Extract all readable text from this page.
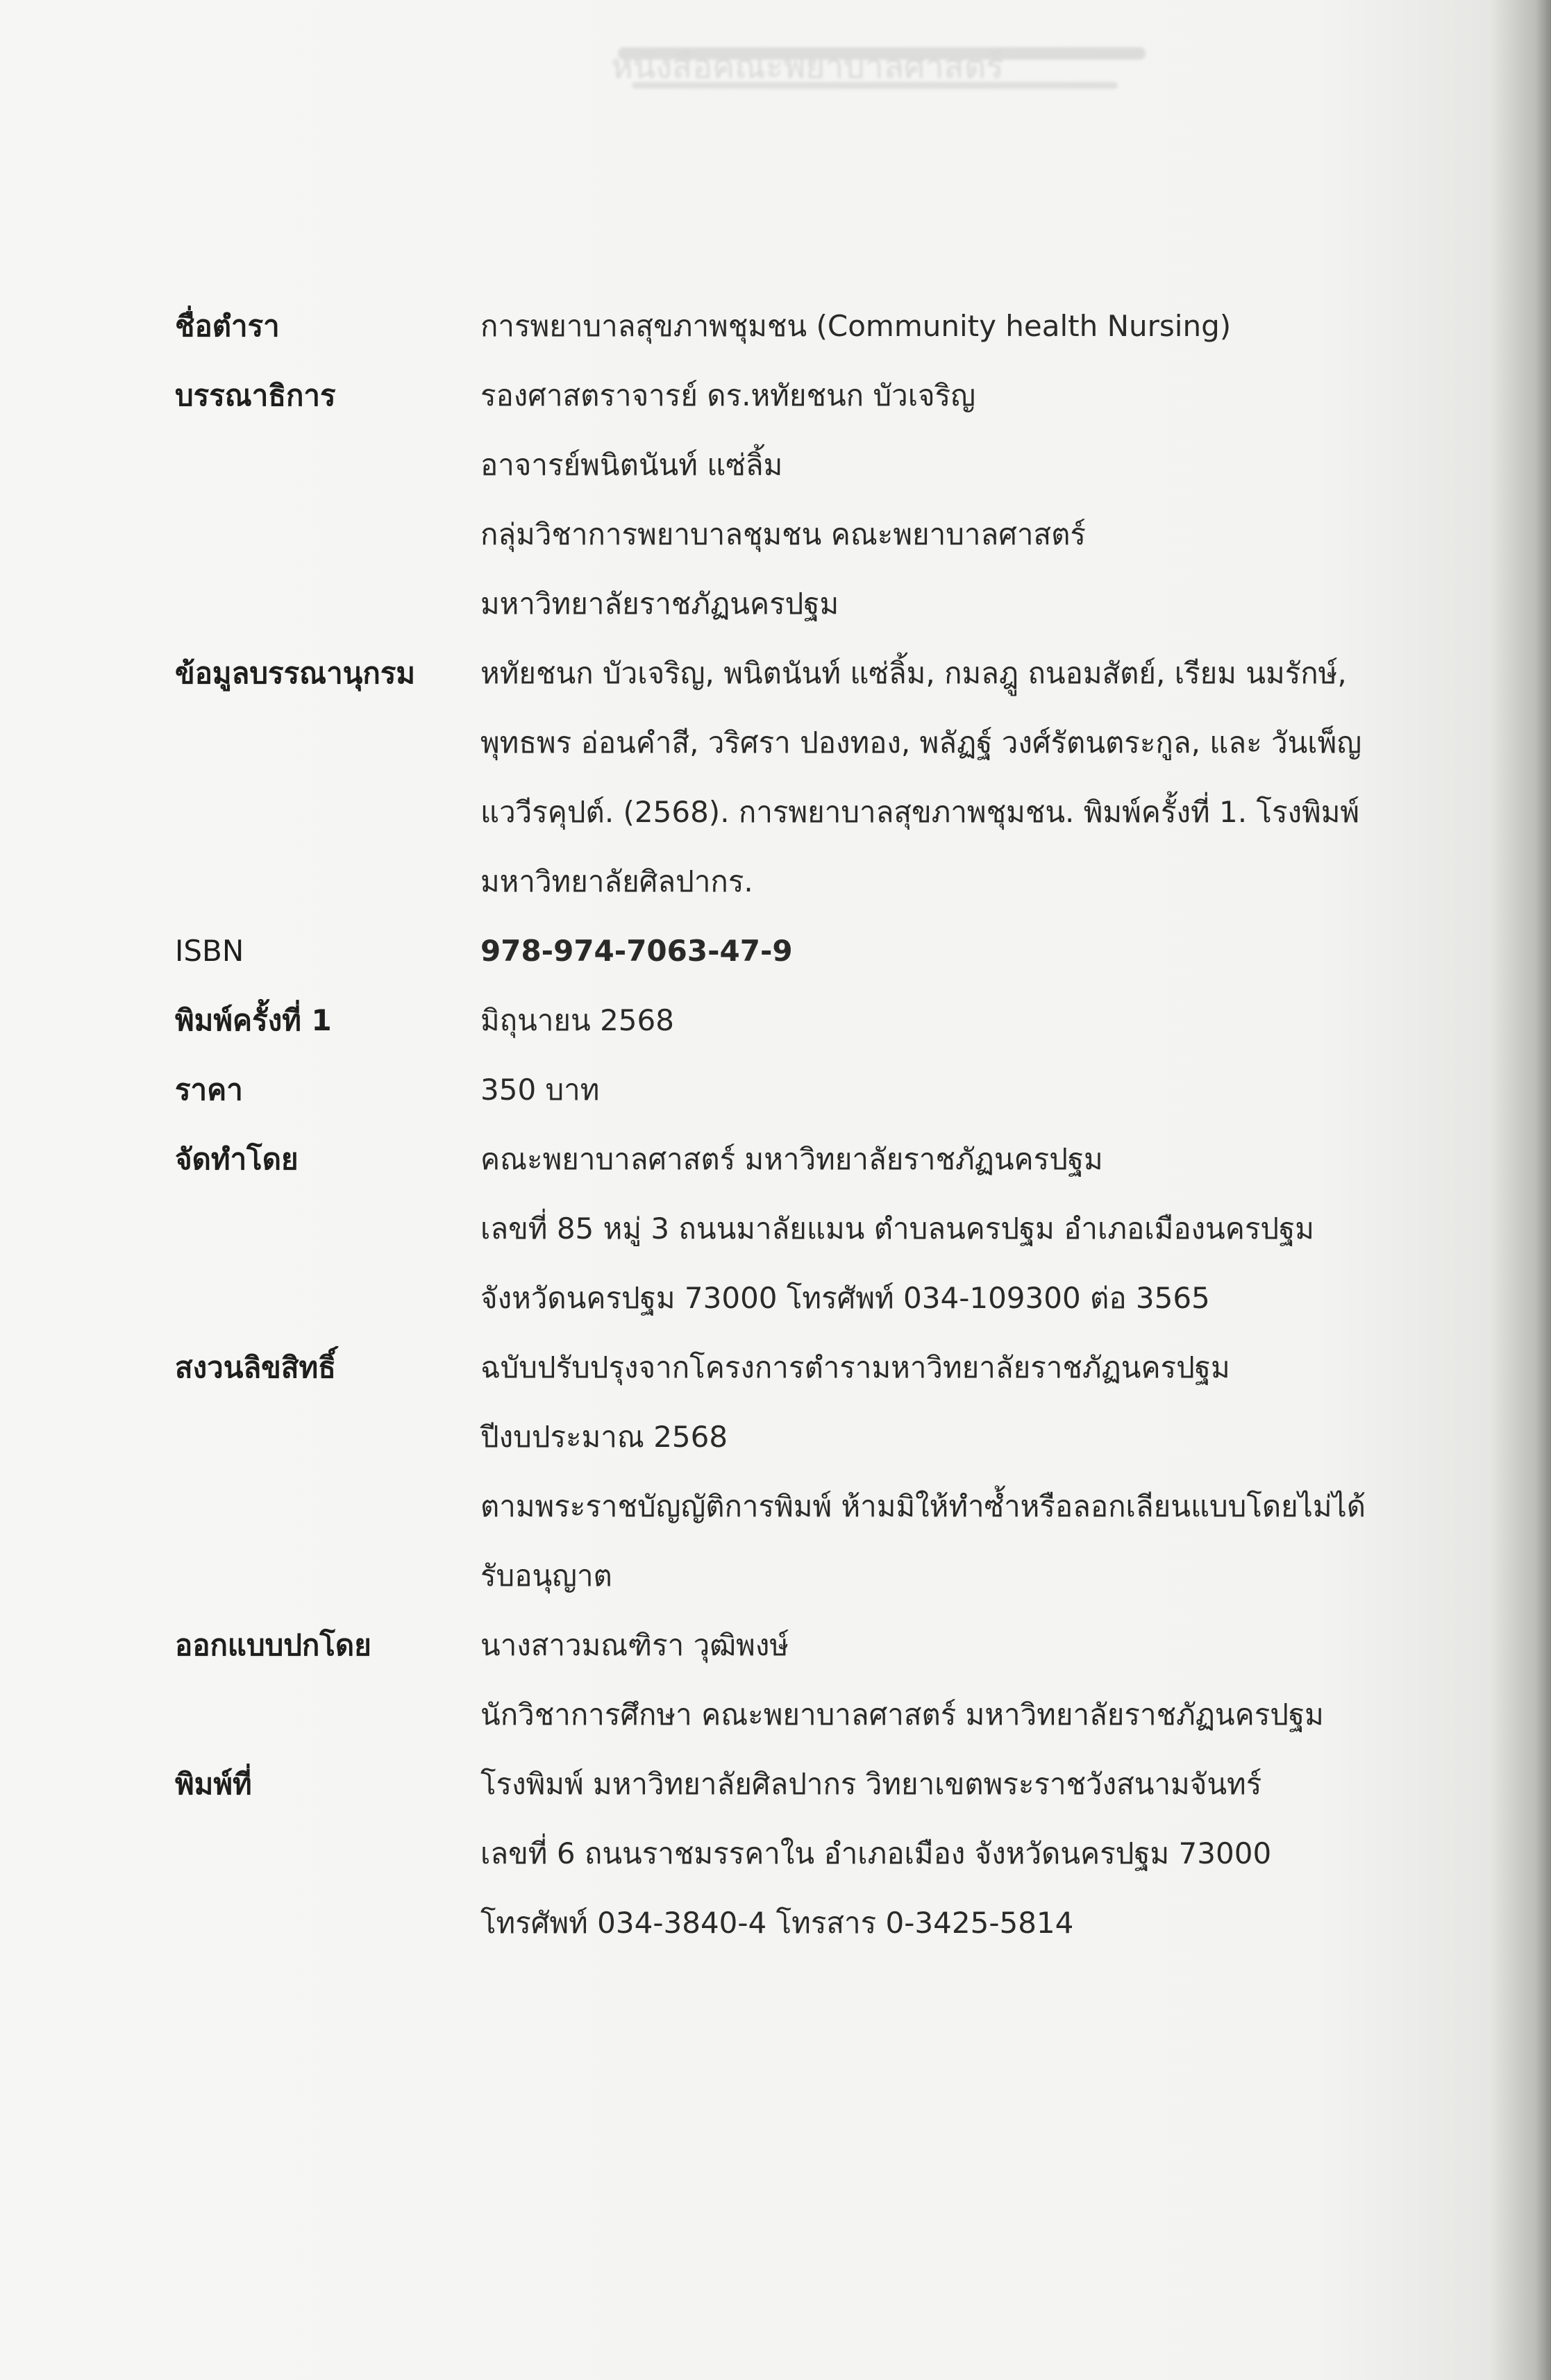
หนังสือคณะพยาบาลศาสตร์
ชื่อตำรา	การพยาบาลสุขภาพชุมชน (Community health Nursing)
บรรณาธิการ	รองศาสตราจารย์ ดร.หทัยชนก บัวเจริญ
อาจารย์พนิตนันท์ แซ่ลิ้ม
กลุ่มวิชาการพยาบาลชุมชน คณะพยาบาลศาสตร์
มหาวิทยาลัยราชภัฏนครปฐม
ข้อมูลบรรณานุกรม	หทัยชนก บัวเจริญ, พนิตนันท์ แซ่ลิ้ม, กมลฎู ถนอมสัตย์, เรียม นมรักษ์,
พุทธพร อ่อนคำสี, วริศรา ปองทอง, พลัฏฐ์ วงศ์รัตนตระกูล, และ วันเพ็ญ
แววีรคุปต์. (2568). การพยาบาลสุขภาพชุมชน. พิมพ์ครั้งที่ 1. โรงพิมพ์
มหาวิทยาลัยศิลปากร.
ISBN	978-974-7063-47-9
พิมพ์ครั้งที่ 1	มิถุนายน 2568
ราคา	350 บาท
จัดทำโดย	คณะพยาบาลศาสตร์ มหาวิทยาลัยราชภัฏนครปฐม
เลขที่ 85 หมู่ 3 ถนนมาลัยแมน ตำบลนครปฐม อำเภอเมืองนครปฐม
จังหวัดนครปฐม 73000 โทรศัพท์ 034-109300 ต่อ 3565
สงวนลิขสิทธิ์	ฉบับปรับปรุงจากโครงการตำรามหาวิทยาลัยราชภัฏนครปฐม
ปีงบประมาณ 2568
ตามพระราชบัญญัติการพิมพ์ ห้ามมิให้ทำซ้ำหรือลอกเลียนแบบโดยไม่ได้
รับอนุญาต
ออกแบบปกโดย	นางสาวมณฑิรา วุฒิพงษ์
นักวิชาการศึกษา คณะพยาบาลศาสตร์ มหาวิทยาลัยราชภัฏนครปฐม
พิมพ์ที่	โรงพิมพ์ มหาวิทยาลัยศิลปากร วิทยาเขตพระราชวังสนามจันทร์
เลขที่ 6 ถนนราชมรรคาใน อำเภอเมือง จังหวัดนครปฐม 73000
โทรศัพท์ 034-3840-4 โทรสาร 0-3425-5814
